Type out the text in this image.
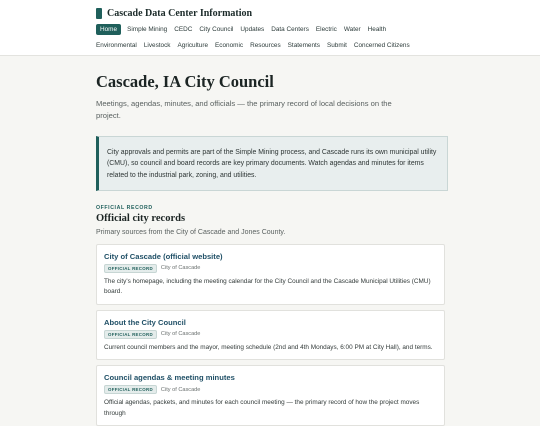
Cascade Data Center Information
Home	Simple Mining CEDC City Council Updates Data Centers Electric Water Health
Environmental Livestock Agriculture Economic Resources Statements Submit Concerned Citizens
Cascade, IA City Council

Meetings, agendas, minutes, and officials — the primary record of local decisions on the project.

City approvals and permits are part of the Simple Mining process, and Cascade runs its own municipal utility (CMU), so council and board records are key primary documents. Watch agendas and minutes for items related to the industrial park, zoning, and utilities.
OFFICIAL RECORD
Official city records
Primary sources from the City of Cascade and Jones County.
City of Cascade (official website)
OFFICIAL RECORD	City of Cascade
The city's homepage, including the meeting calendar for the City Council and the Cascade Municipal Utilities (CMU) board.
About the City Council
OFFICIAL RECORD	City of Cascade
Current council members and the mayor, meeting schedule (2nd and 4th Mondays, 6:00 PM at City Hall), and terms.
Council agendas & meeting minutes
OFFICIAL RECORD	City of Cascade
Official agendas, packets, and minutes for each council meeting — the primary record of how the project moves through
